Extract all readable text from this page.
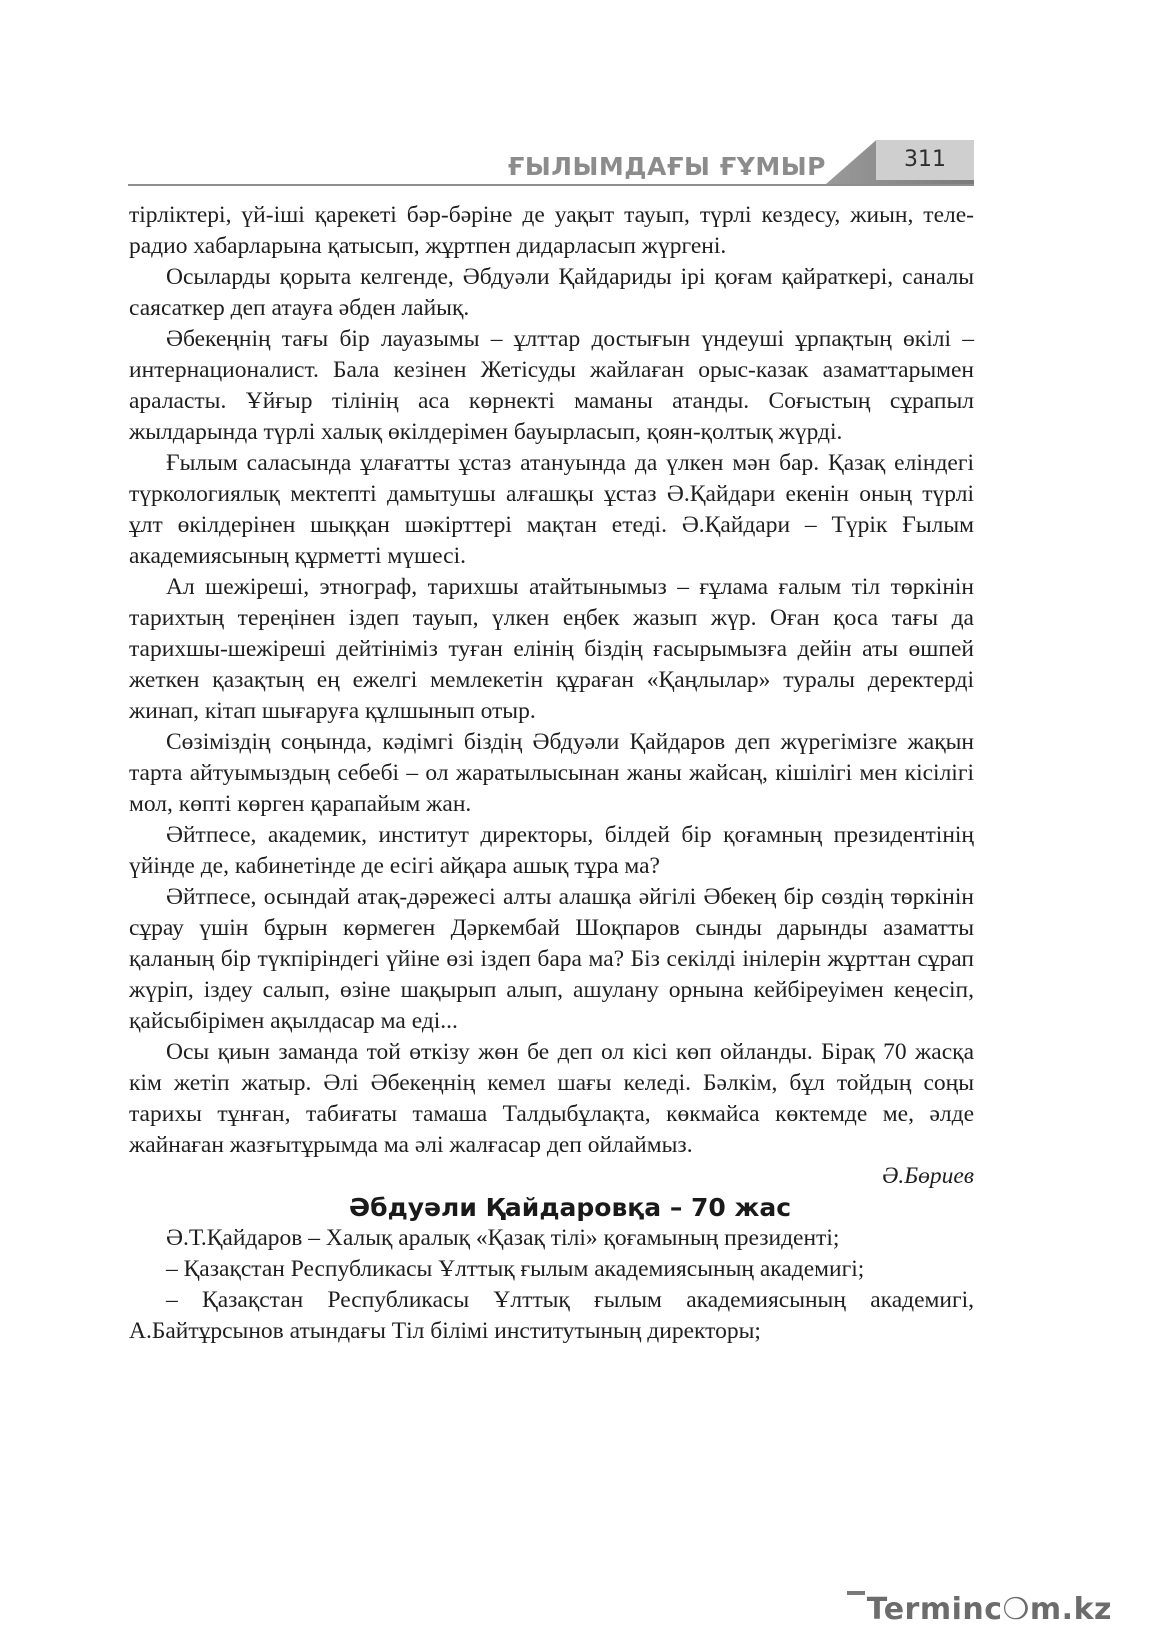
ҒЫЛЫМДАҒЫ ҒҰМЫР	311

тірліктері, үй-іші қарекеті бәр-бәріне де уақыт тауып, түрлі кездесу, жиын, теле-радио хабарларына қатысып, жұртпен дидарласып жүргені.

Осыларды қорыта келгенде, Әбдуәли Қайдариды ірі қоғам қайраткері, саналы саясаткер деп атауға әбден лайық.

Әбекеңнің тағы бір лауазымы – ұлттар достығын үндеуші ұрпақтың өкілі – интернационалист. Бала кезінен Жетісуды жайлаған орыс-казак азаматтарымен араласты. Ұйғыр тілінің аса көрнекті маманы атанды. Соғыстың сұрапыл жылдарында түрлі халық өкілдерімен бауырласып, қоян-қолтық жүрді.

Ғылым саласында ұлағатты ұстаз атануында да үлкен мән бар. Қазақ еліндегі түркологиялық мектепті дамытушы алғашқы ұстаз Ә.Қайдари екенін оның түрлі ұлт өкілдерінен шыққан шәкірттері мақтан етеді. Ә.Қайдари – Түрік Ғылым академиясының құрметті мүшесі.

Ал шежіреші, этнограф, тарихшы атайтынымыз – ғұлама ғалым тіл төркінін тарихтың тереңінен іздеп тауып, үлкен еңбек жазып жүр. Оған қоса тағы да тарихшы-шежіреші дейтініміз туған елінің біздің ғасырымызға дейін аты өшпей жеткен қазақтың ең ежелгі мемлекетін құраған «Қаңлылар» туралы деректерді жинап, кітап шығаруға құлшынып отыр.

Сөзіміздің соңында, кәдімгі біздің Әбдуәли Қайдаров деп жүрегімізге жақын тарта айтуымыздың себебі – ол жаратылысынан жаны жайсаң, кішілігі мен кісілігі мол, көпті көрген қарапайым жан.

Әйтпесе, академик, институт директоры, білдей бір қоғамның президентінің үйінде де, кабинетінде де есігі айқара ашық тұра ма?

Әйтпесе, осындай атақ-дәрежесі алты алашқа әйгілі Әбекең бір сөздің төркінін сұрау үшін бұрын көрмеген Дәркембай Шоқпаров сынды дарынды азаматты қаланың бір түкпіріндегі үйіне өзі іздеп бара ма? Біз секілді інілерін жұрттан сұрап жүріп, іздеу салып, өзіне шақырып алып, ашулану орнына кейбіреуімен кеңесіп, қайсыбірімен ақылдасар ма еді...

Осы қиын заманда той өткізу жөн бе деп ол кісі көп ойланды. Бірақ 70 жасқа кім жетіп жатыр. Әлі Әбекеңнің кемел шағы келеді. Бәлкім, бұл тойдың соңы тарихы тұнған, табиғаты тамаша Талдыбұлақта, көкмайса көктемде ме, әлде жайнаған жазғытұрымда ма әлі жалғасар деп ойлаймыз.

Ә.Бөриев

Әбдуәли Қайдаровқа – 70 жас

Ә.Т.Қайдаров – Халық аралық «Қазақ тілі» қоғамының президенті;

– Қазақстан Республикасы Ұлттық ғылым академиясының академигі;

– Қазақстан Республикасы Ұлттық ғылым академиясының академигі, А.Байтұрсынов атындағы Тіл білімі институтының директоры;

Terminc❍m.kz
